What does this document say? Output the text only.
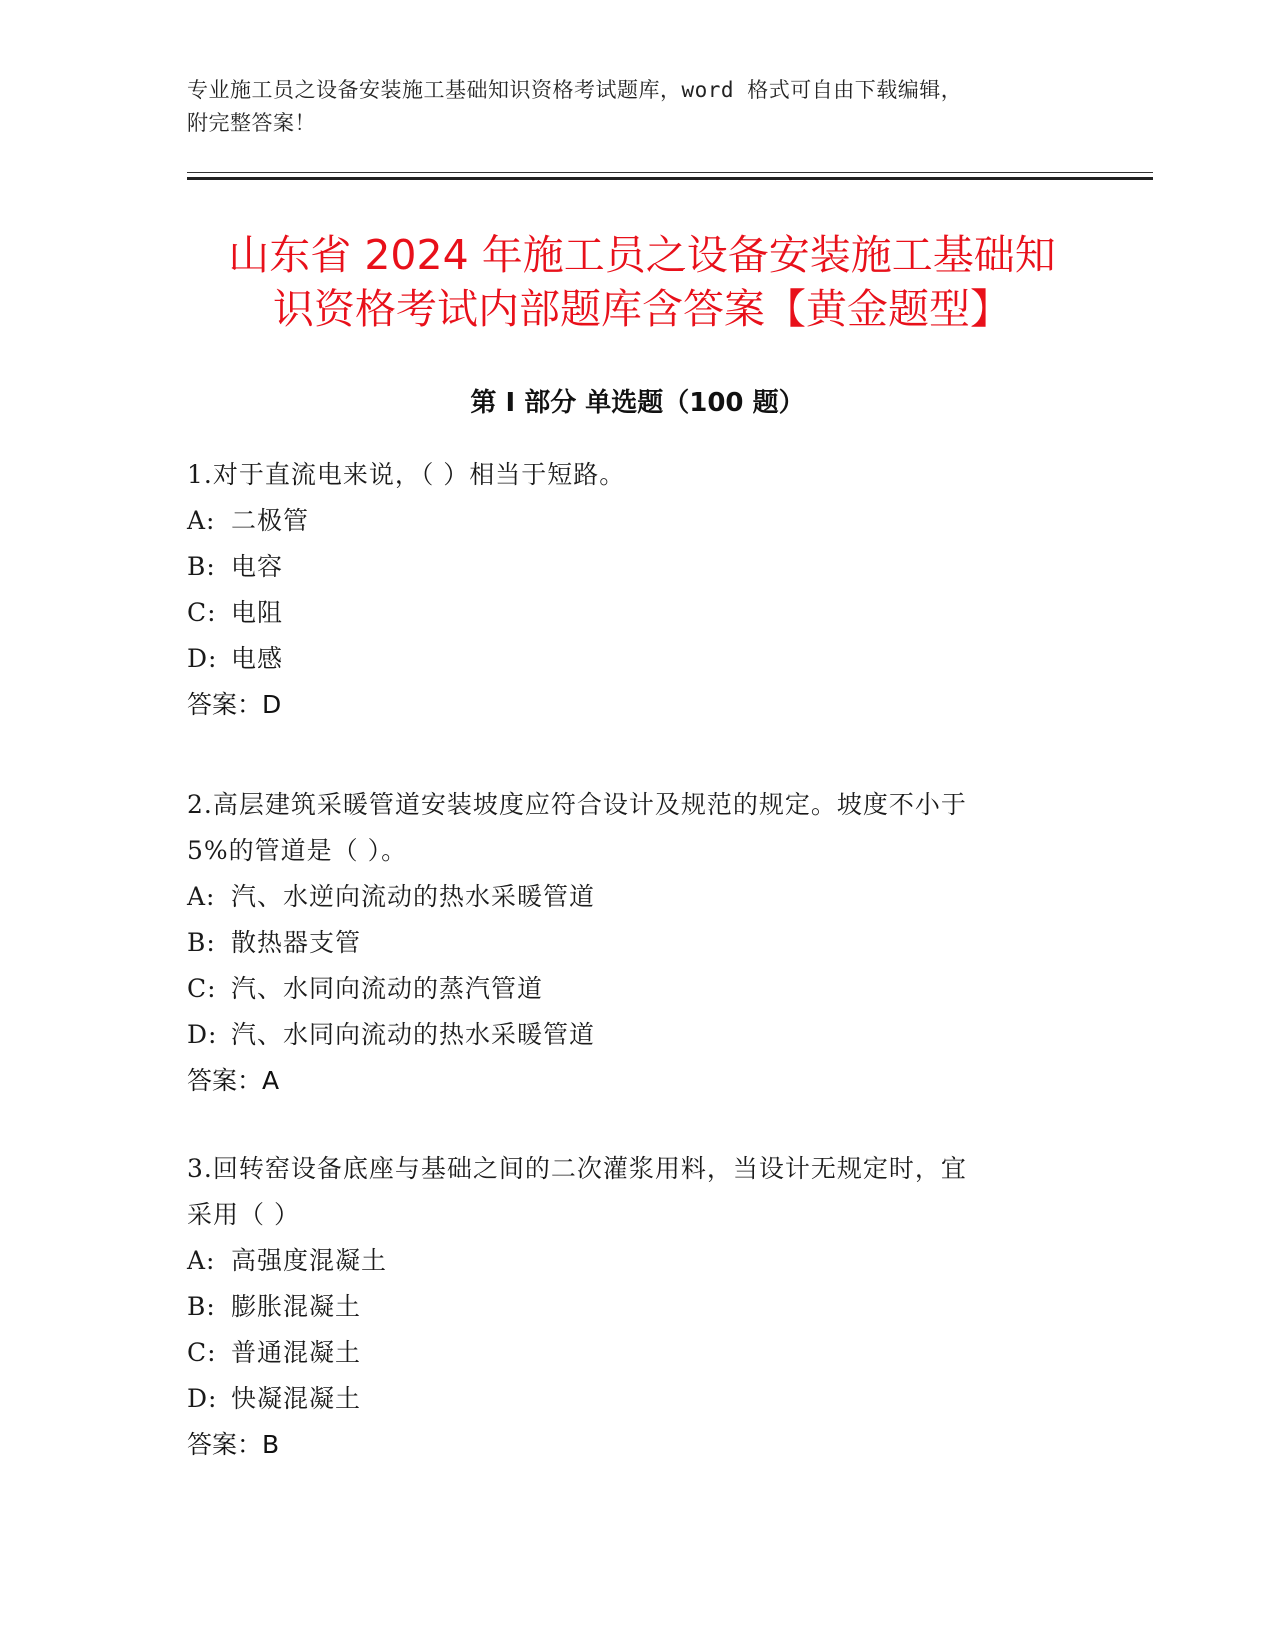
专业施工员之设备安装施工基础知识资格考试题库，word 格式可自由下载编辑，
附完整答案！
山东省 2024 年施工员之设备安装施工基础知
识资格考试内部题库含答案【黄金题型】
第 I 部分 单选题（100 题）
1.对于直流电来说，（ ）相当于短路。
A: 二极管
B: 电容
C: 电阻
D: 电感
答案：D
2.高层建筑采暖管道安装坡度应符合设计及规范的规定。坡度不小于
5%的管道是（ ）。
A: 汽、水逆向流动的热水采暖管道
B: 散热器支管
C: 汽、水同向流动的蒸汽管道
D: 汽、水同向流动的热水采暖管道
答案：A
3.回转窑设备底座与基础之间的二次灌浆用料，当设计无规定时，宜
采用（ ）
A: 高强度混凝土
B: 膨胀混凝土
C: 普通混凝土
D: 快凝混凝土
答案：B
